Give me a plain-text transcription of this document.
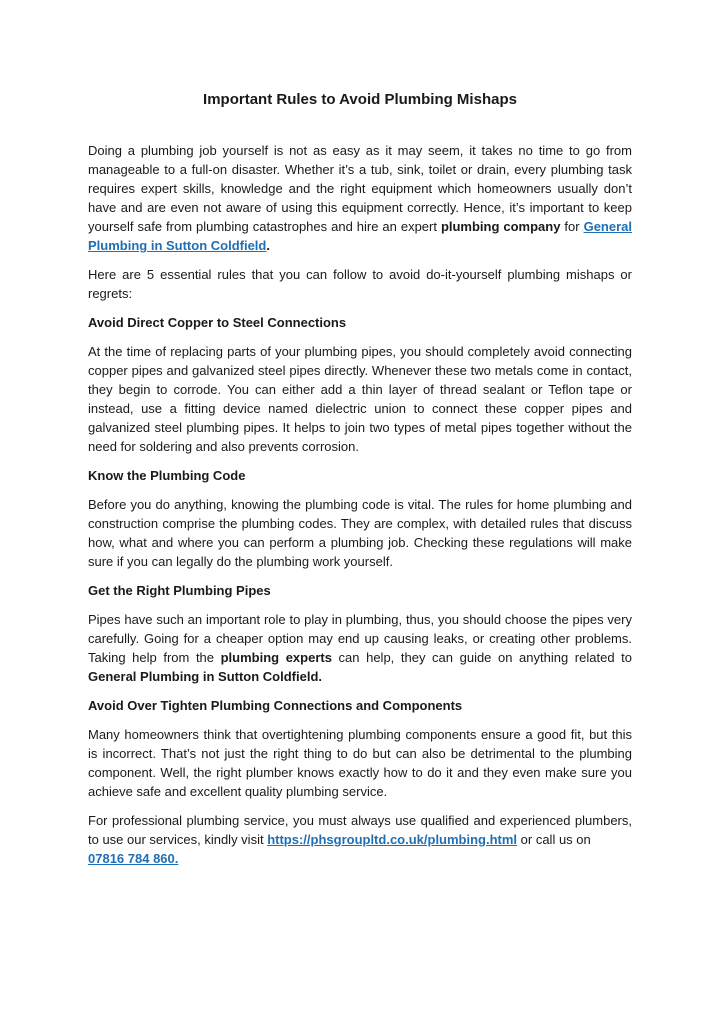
Important Rules to Avoid Plumbing Mishaps

Doing a plumbing job yourself is not as easy as it may seem, it takes no time to go from manageable to a full-on disaster. Whether it’s a tub, sink, toilet or drain, every plumbing task requires expert skills, knowledge and the right equipment which homeowners usually don’t have and are even not aware of using this equipment correctly. Hence, it’s important to keep yourself safe from plumbing catastrophes and hire an expert plumbing company for General Plumbing in Sutton Coldfield.

Here are 5 essential rules that you can follow to avoid do-it-yourself plumbing mishaps or regrets:

Avoid Direct Copper to Steel Connections

At the time of replacing parts of your plumbing pipes, you should completely avoid connecting copper pipes and galvanized steel pipes directly. Whenever these two metals come in contact, they begin to corrode. You can either add a thin layer of thread sealant or Teflon tape or instead, use a fitting device named dielectric union to connect these copper pipes and galvanized steel plumbing pipes. It helps to join two types of metal pipes together without the need for soldering and also prevents corrosion.

Know the Plumbing Code

Before you do anything, knowing the plumbing code is vital. The rules for home plumbing and construction comprise the plumbing codes. They are complex, with detailed rules that discuss how, what and where you can perform a plumbing job. Checking these regulations will make sure if you can legally do the plumbing work yourself.

Get the Right Plumbing Pipes

Pipes have such an important role to play in plumbing, thus, you should choose the pipes very carefully. Going for a cheaper option may end up causing leaks, or creating other problems. Taking help from the plumbing experts can help, they can guide on anything related to General Plumbing in Sutton Coldfield.

Avoid Over Tighten Plumbing Connections and Components

Many homeowners think that overtightening plumbing components ensure a good fit, but this is incorrect. That’s not just the right thing to do but can also be detrimental to the plumbing component. Well, the right plumber knows exactly how to do it and they even make sure you achieve safe and excellent quality plumbing service.

For professional plumbing service, you must always use qualified and experienced plumbers, to use our services, kindly visit https://phsgroupltd.co.uk/plumbing.html or call us on
07816 784 860.
